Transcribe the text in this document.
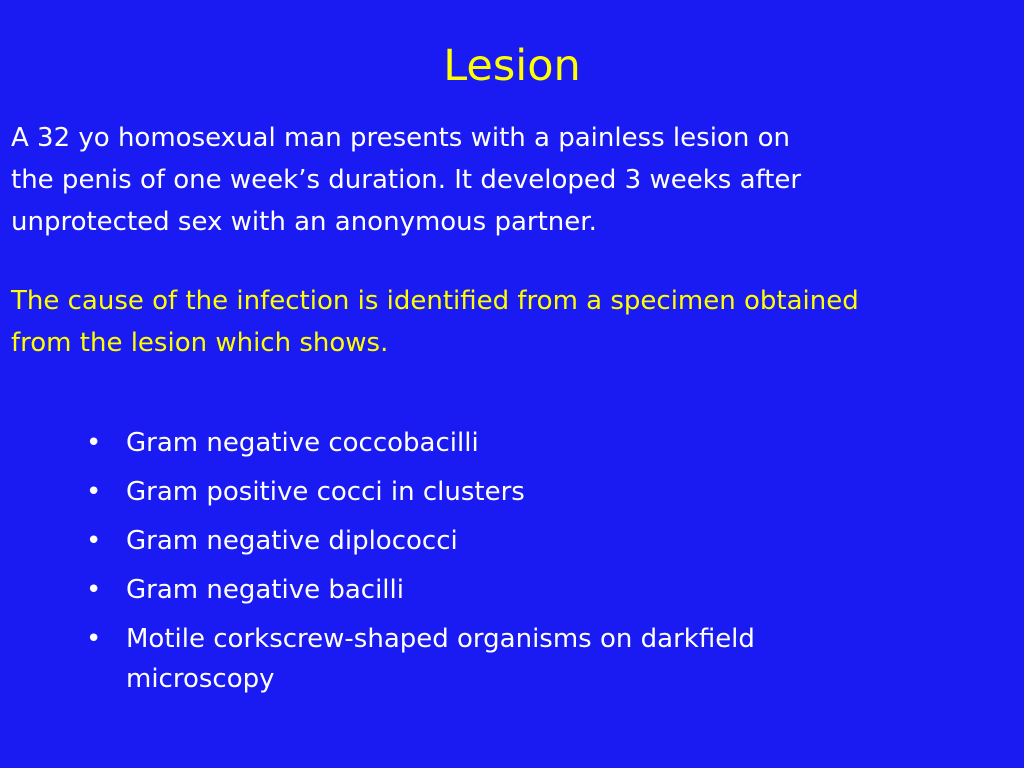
Lesion

A 32 yo homosexual man presents with a painless lesion on
the penis of one week’s duration. It developed 3 weeks after
unprotected sex with an anonymous partner.

The cause of the infection is identified from a specimen obtained
from the lesion which shows.

• Gram negative coccobacilli
• Gram positive cocci in clusters
• Gram negative diplococci
• Gram negative bacilli
• Motile corkscrew-shaped organisms on darkfield
microscopy
